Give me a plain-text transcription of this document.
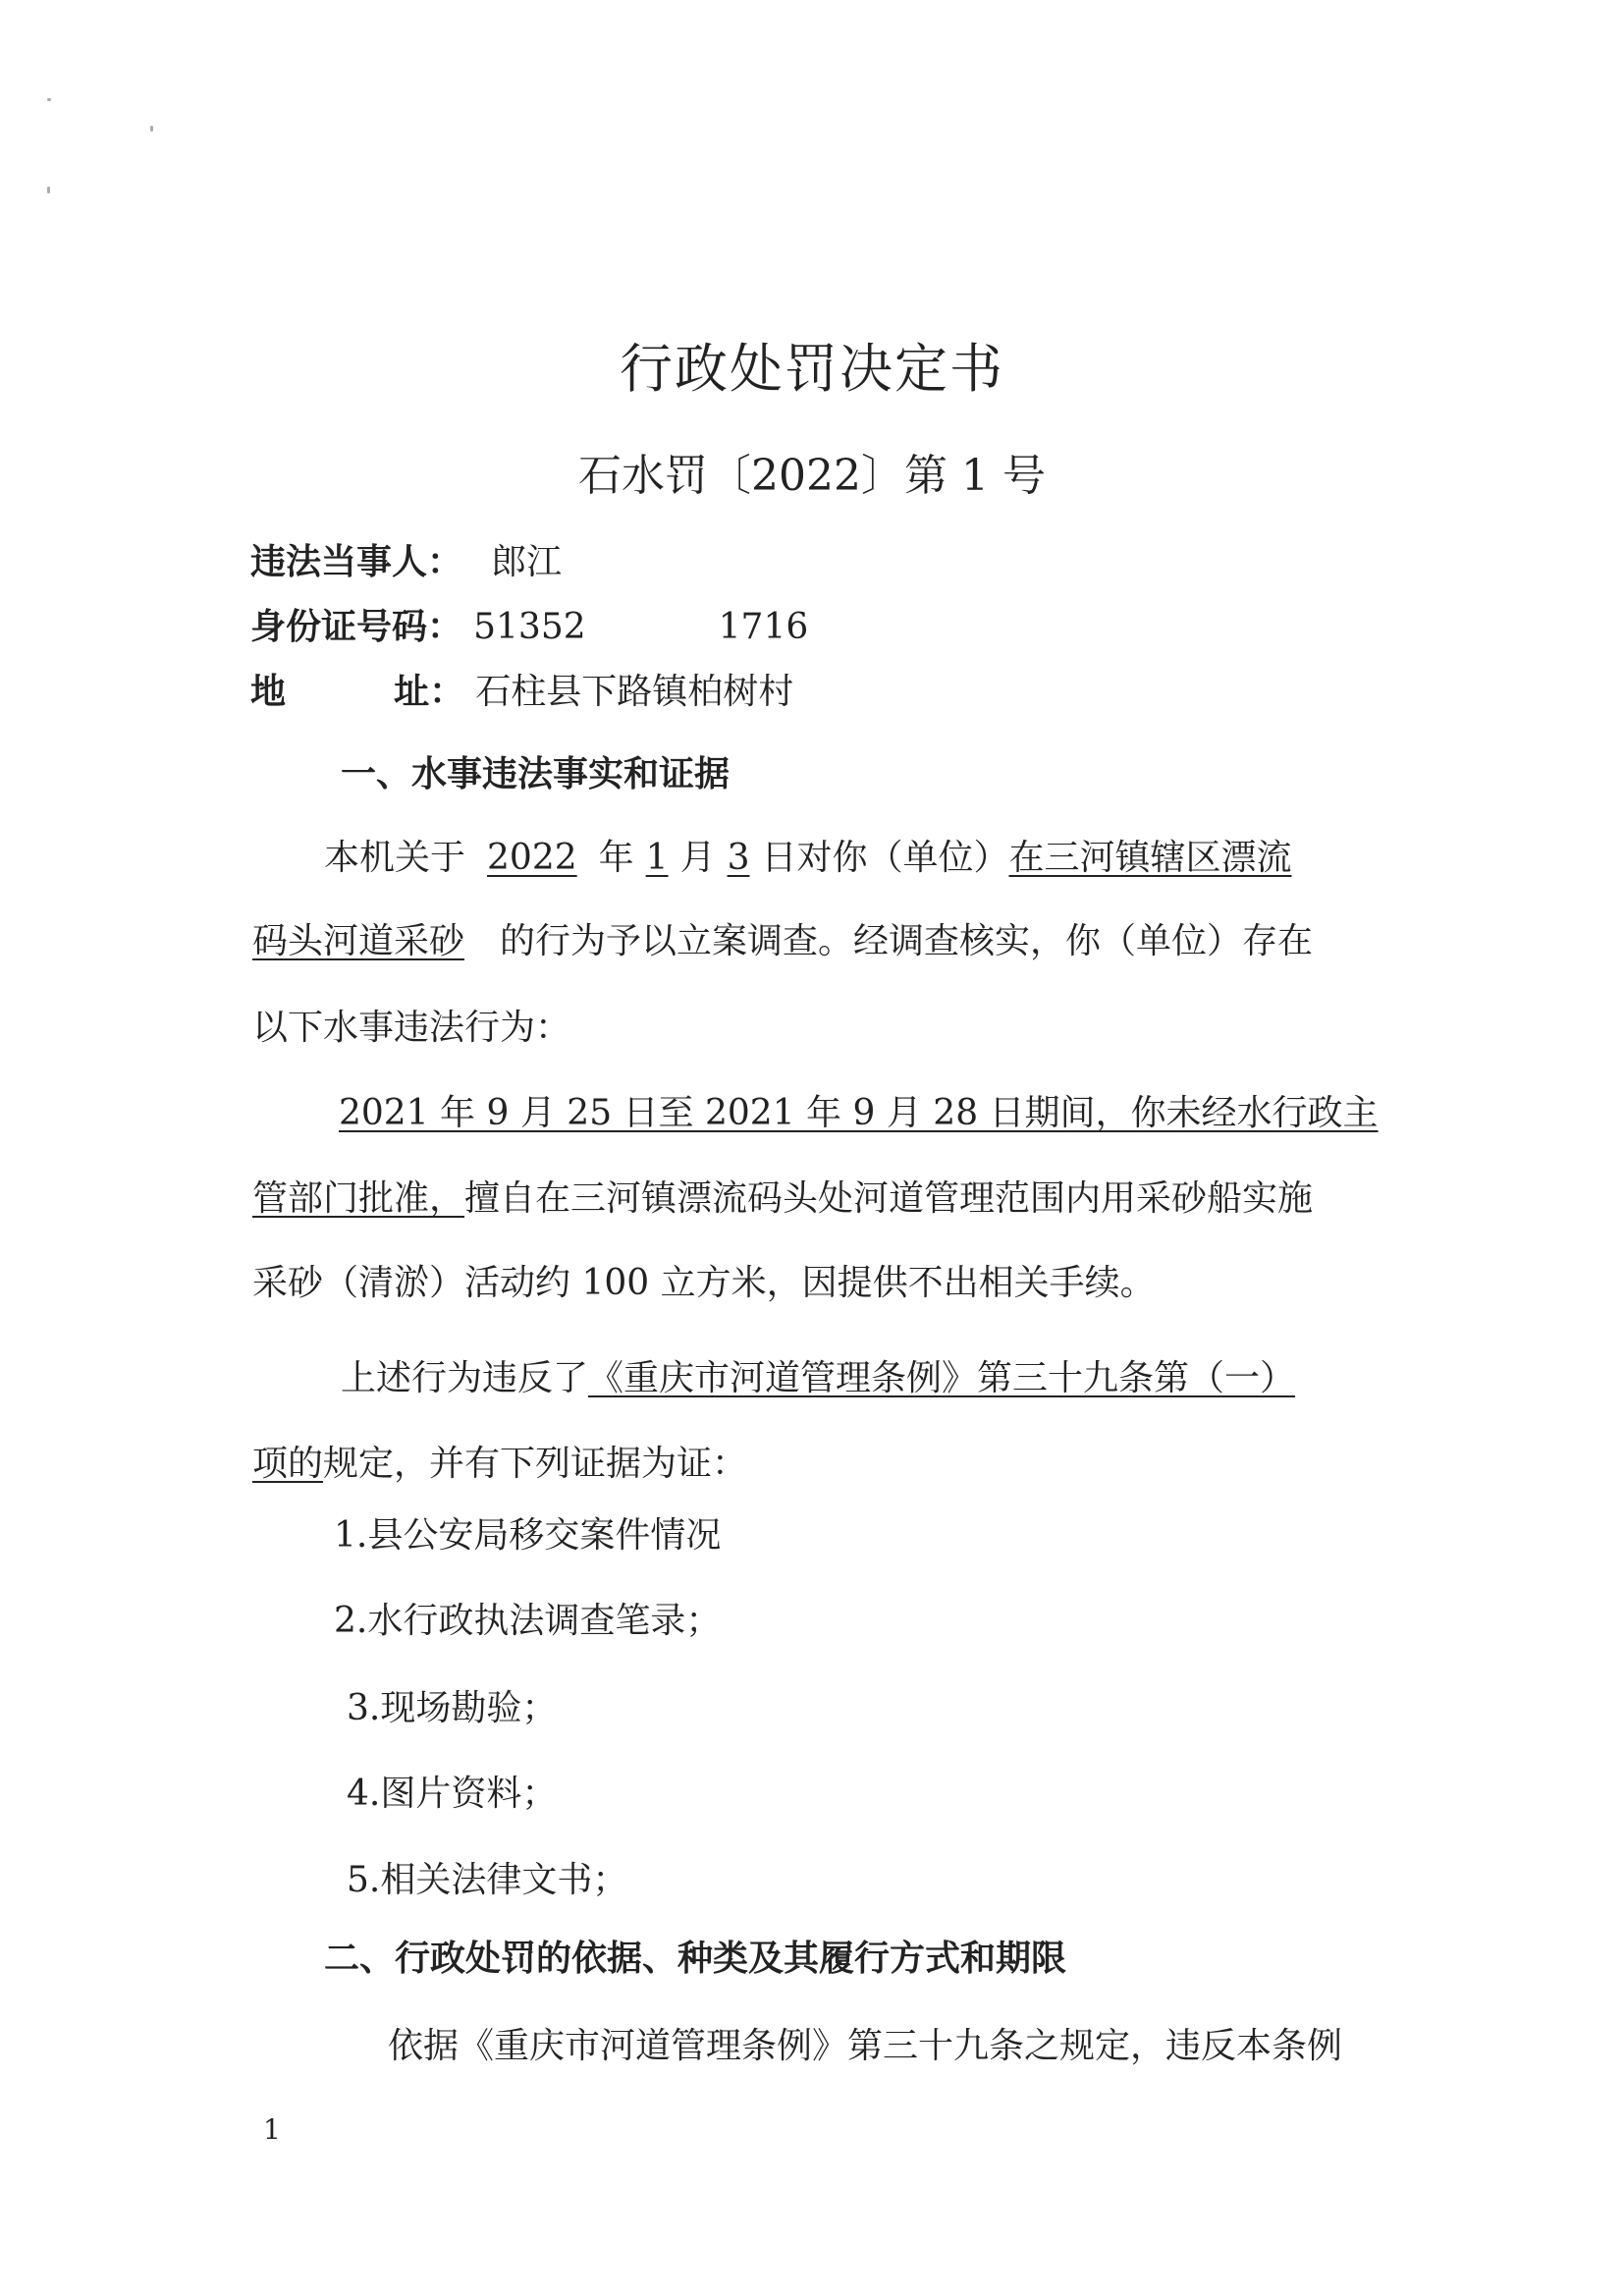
行政处罚决定书
石水罚〔2022〕第 1 号
违法当事人： 郎江
身份证号码： 51352	1716
地	址： 石柱县下路镇柏树村
一、水事违法事实和证据
本机关于 2022 年 1 月 3 日对你（单位）在三河镇辖区漂流
码头河道采砂 的行为予以立案调查。经调查核实，你（单位）存在
以下水事违法行为：
2021 年 9 月 25 日至 2021 年 9 月 28 日期间，你未经水行政主
管部门批准，擅自在三河镇漂流码头处河道管理范围内用采砂船实施
采砂（清淤）活动约 100 立方米，因提供不出相关手续。
上述行为违反了《重庆市河道管理条例》第三十九条第（一）
项的规定，并有下列证据为证：
1.县公安局移交案件情况
2.水行政执法调查笔录；
3.现场勘验；
4.图片资料；
5.相关法律文书；
二、行政处罚的依据、种类及其履行方式和期限
依据《重庆市河道管理条例》第三十九条之规定，违反本条例
1
